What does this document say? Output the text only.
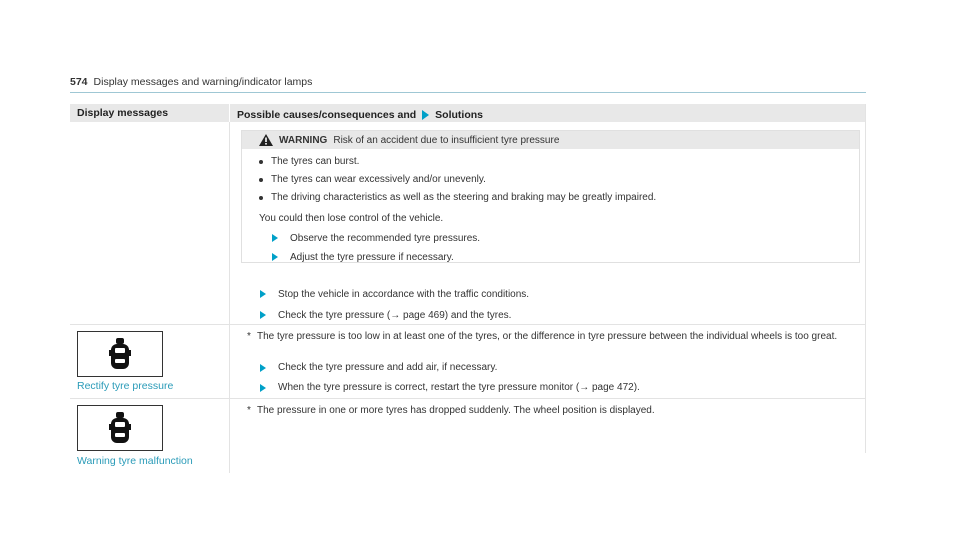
574 Display messages and warning/indicator lamps
Display messages	Possible causes/consequences and Solutions
WARNING Risk of an accident due to insufficient tyre pressure
The tyres can burst.
The tyres can wear excessively and/or unevenly.
The driving characteristics as well as the steering and braking may be greatly impaired.
You could then lose control of the vehicle.
Observe the recommended tyre pressures.
Adjust the tyre pressure if necessary.
Stop the vehicle in accordance with the traffic conditions.
Check the tyre pressure (→ page 469) and the tyres.
Rectify tyre pressure
* The tyre pressure is too low in at least one of the tyres, or the difference in tyre pressure between the individual wheels is too great.
Check the tyre pressure and add air, if necessary.
When the tyre pressure is correct, restart the tyre pressure monitor (→ page 472).
Warning tyre malfunction
* The pressure in one or more tyres has dropped suddenly. The wheel position is displayed.
